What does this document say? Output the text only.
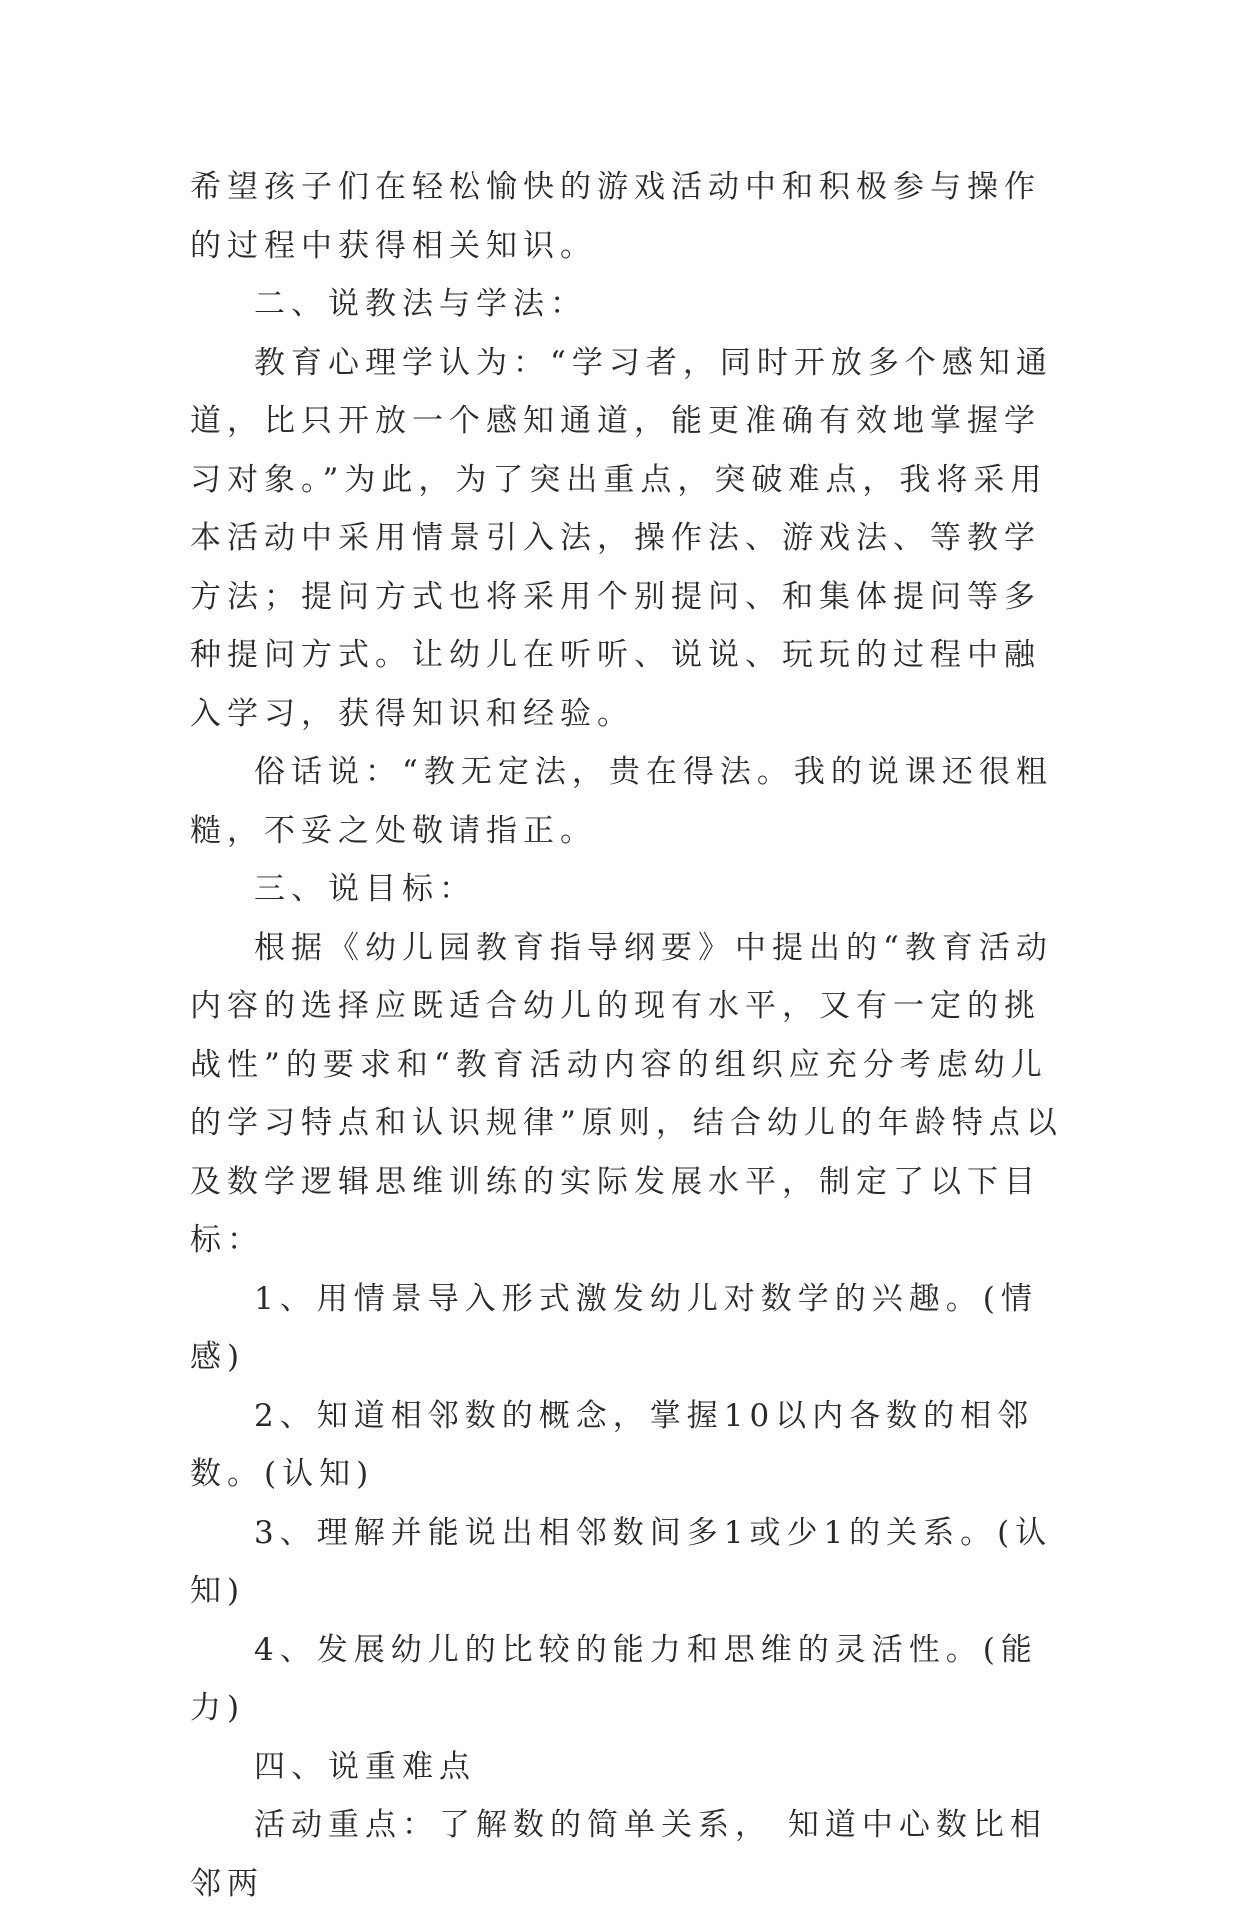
希望孩子们在轻松愉快的游戏活动中和积极参与操作的过程中获得相关知识。

二、说教法与学法：

教育心理学认为：“学习者，同时开放多个感知通道，比只开放一个感知通道，能更准确有效地掌握学习对象。”为此，为了突出重点，突破难点，我将采用本活动中采用情景引入法，操作法、游戏法、等教学方法；提问方式也将采用个别提问、和集体提问等多种提问方式。让幼儿在听听、说说、玩玩的过程中融入学习，获得知识和经验。

俗话说：“教无定法，贵在得法。我的说课还很粗糙，不妥之处敬请指正。

三、说目标：

根据《幼儿园教育指导纲要》中提出的“教育活动内容的选择应既适合幼儿的现有水平，又有一定的挑战性”的要求和“教育活动内容的组织应充分考虑幼儿的学习特点和认识规律”原则，结合幼儿的年龄特点以及数学逻辑思维训练的实际发展水平，制定了以下目标：

1、用情景导入形式激发幼儿对数学的兴趣。(情感)

2、知道相邻数的概念，掌握10以内各数的相邻数。(认知)

3、理解并能说出相邻数间多1或少1的关系。(认知)

4、发展幼儿的比较的能力和思维的灵活性。(能力)

四、说重难点

活动重点：了解数的简单关系， 知道中心数比相邻两
